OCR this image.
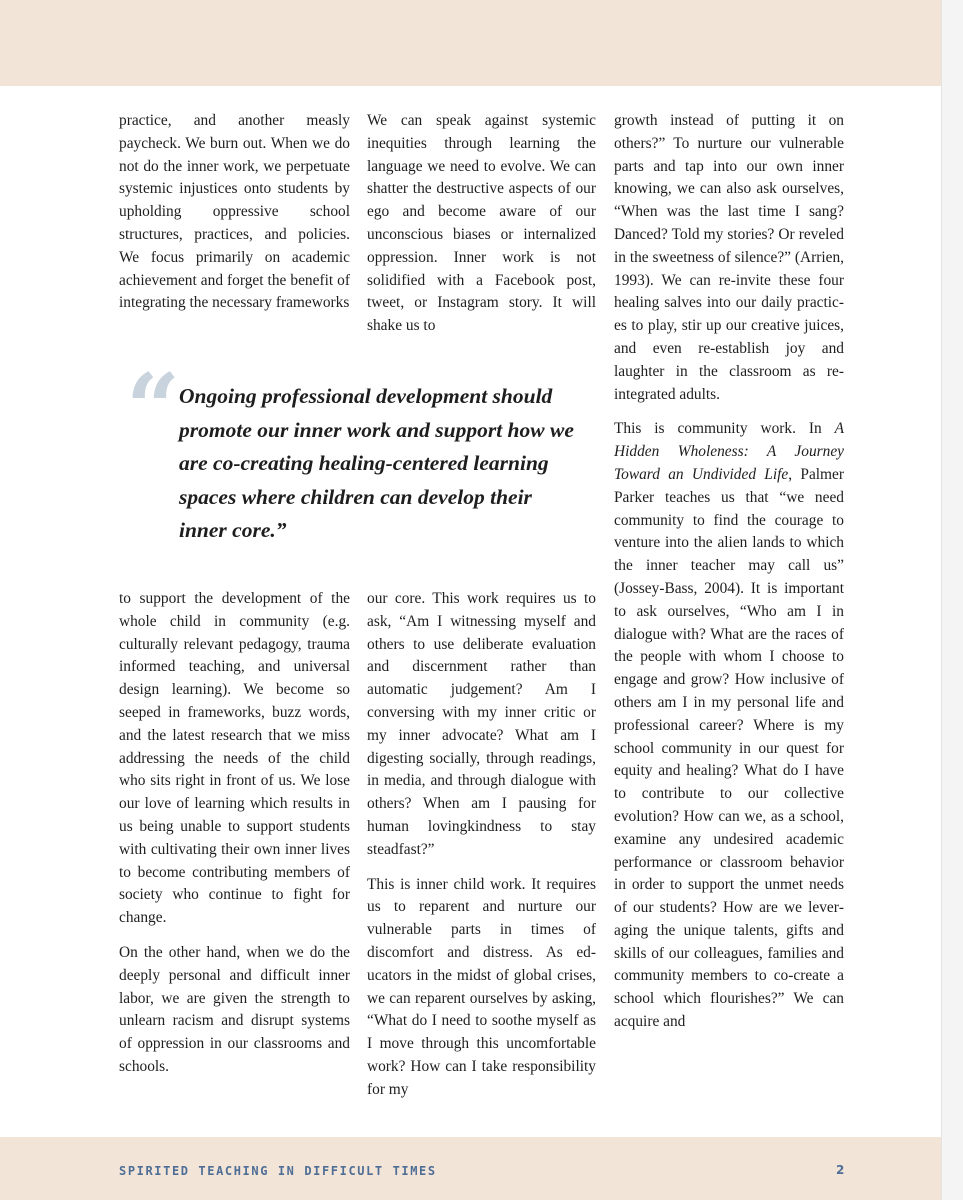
practice, and another measly paycheck. We burn out. When we do not do the inner work, we perpetuate systemic injustices onto students by upholding oppressive school structures, practices, and policies. We focus primarily on academic achievement and forget the benefit of integrating the necessary frameworks

We can speak against systemic inequities through learning the language we need to evolve. We can shatter the destructive aspects of our ego and become aware of our unconscious biases or internalized oppression. Inner work is not solidified with a Facebook post, tweet, or Instagram story. It will shake us to

“
Ongoing professional development should promote our inner work and support how we are co-creating healing-centered learning spaces where children can develop their inner core.”

to support the development of the whole child in community (e.g. culturally relevant pedagogy, trauma informed teaching, and universal design learning). We become so seeped in frameworks, buzz words, and the latest research that we miss addressing the needs of the child who sits right in front of us. We lose our love of learning which results in us being unable to support students with cultivating their own inner lives to become contributing members of society who continue to fight for change.

On the other hand, when we do the deeply personal and difficult inner labor, we are given the strength to unlearn racism and disrupt systems of oppression in our classrooms and schools.

our core. This work requires us to ask, “Am I witnessing myself and others to use deliberate evaluation and discernment rather than automatic judgement? Am I conversing with my inner critic or my inner advocate? What am I digesting socially, through readings, in media, and through dialogue with others? When am I pausing for human lovingkindness to stay steadfast?”

This is inner child work. It requires us to reparent and nurture our vulnerable parts in times of discomfort and distress. As educators in the midst of global crises, we can reparent ourselves by asking, “What do I need to soothe myself as I move through this uncomfortable work? How can I take responsibility for my

growth instead of putting it on others?” To nurture our vulnerable parts and tap into our own inner knowing, we can also ask ourselves, “When was the last time I sang? Danced? Told my stories? Or reveled in the sweetness of silence?” (Arrien, 1993). We can re-invite these four healing salves into our daily practices to play, stir up our creative juices, and even re-establish joy and laughter in the classroom as re-integrated adults.

This is community work. In A Hidden Wholeness: A Journey Toward an Undivided Life, Palmer Parker teaches us that “we need community to find the courage to venture into the alien lands to which the inner teacher may call us” (Jossey-Bass, 2004). It is important to ask ourselves, “Who am I in dialogue with? What are the races of the people with whom I choose to engage and grow? How inclusive of others am I in my personal life and professional career? Where is my school community in our quest for equity and healing? What do I have to contribute to our collective evolution? How can we, as a school, examine any undesired academic performance or classroom behavior in order to support the unmet needs of our students? How are we leveraging the unique talents, gifts and skills of our colleagues, families and community members to co-create a school which flourishes?” We can acquire and

SPIRITED TEACHING IN DIFFICULT TIMES	2
